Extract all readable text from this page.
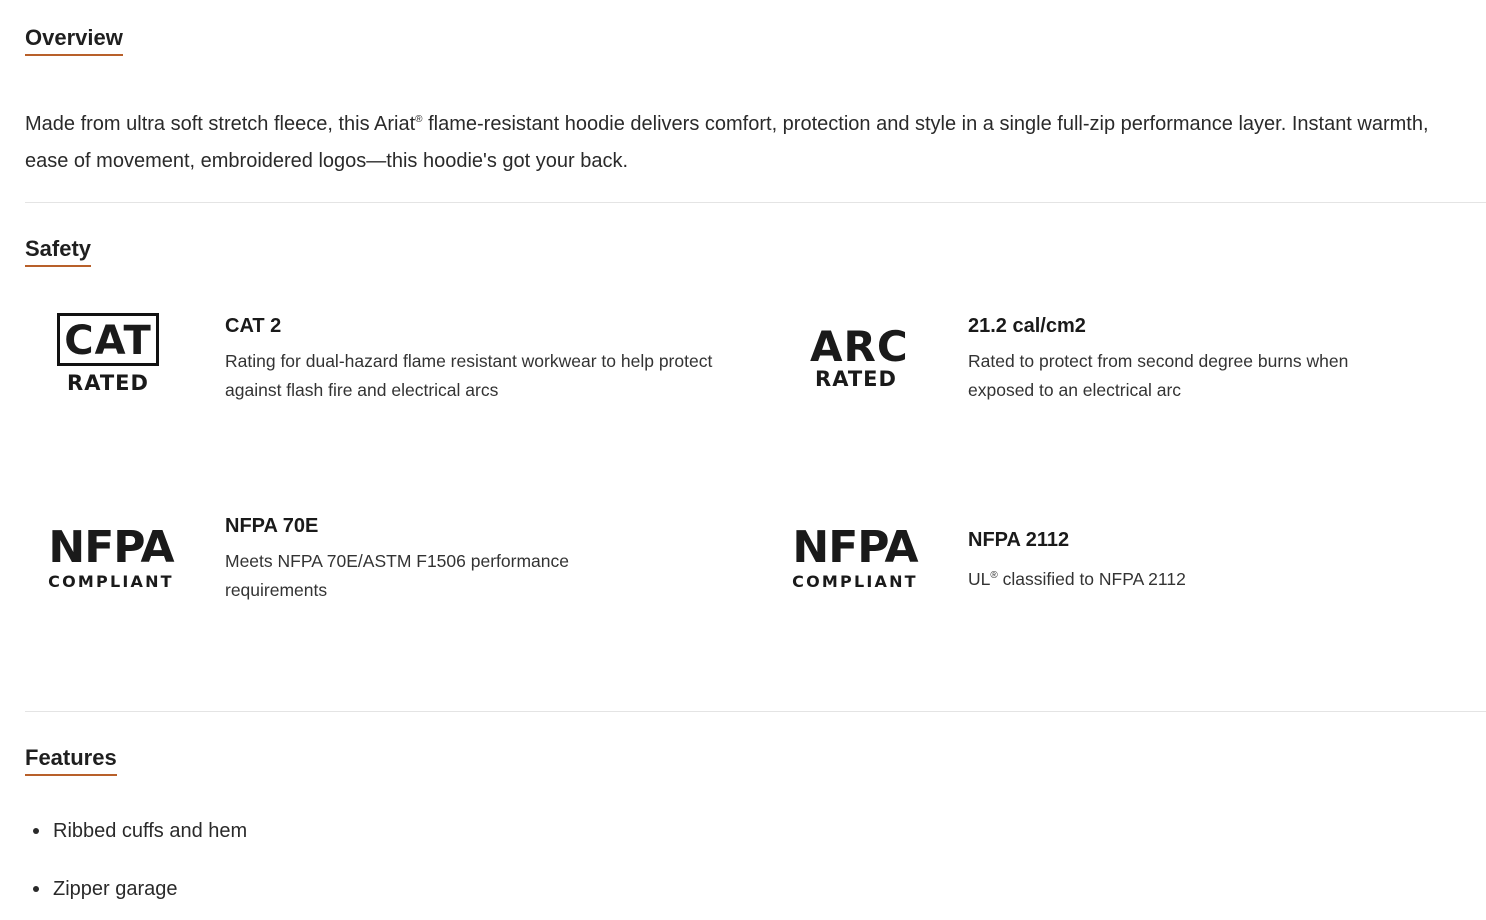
Overview

Made from ultra soft stretch fleece, this Ariat® flame-resistant hoodie delivers comfort, protection and style in a single full-zip performance layer. Instant warmth, ease of movement, embroidered logos—this hoodie's got your back.

Safety
CAT
RATED
CAT 2
Rating for dual-hazard flame resistant workwear to help protect against flash fire and electrical arcs
ARC
RATED
21.2 cal/cm2
Rated to protect from second degree burns when exposed to an electrical arc
NFPA
COMPLIANT
NFPA 70E
Meets NFPA 70E/ASTM F1506 performance requirements
NFPA
COMPLIANT
NFPA 2112
UL® classified to NFPA 2112
Features
Ribbed cuffs and hem
Zipper garage
